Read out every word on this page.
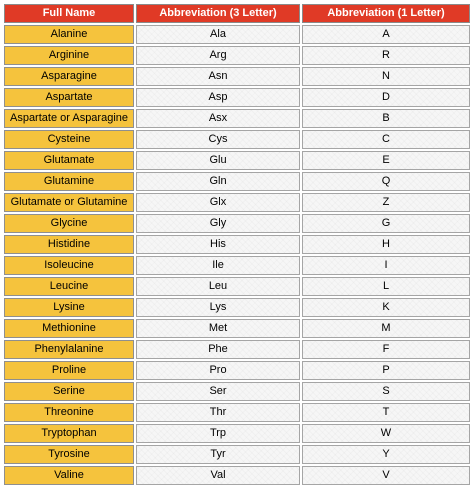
Full Name	Abbreviation (3 Letter)	Abbreviation (1 Letter)
Alanine	Ala	A
Arginine	Arg	R
Asparagine	Asn	N
Aspartate	Asp	D
Aspartate or Asparagine	Asx	B
Cysteine	Cys	C
Glutamate	Glu	E
Glutamine	Gln	Q
Glutamate or Glutamine	Glx	Z
Glycine	Gly	G
Histidine	His	H
Isoleucine	Ile	I
Leucine	Leu	L
Lysine	Lys	K
Methionine	Met	M
Phenylalanine	Phe	F
Proline	Pro	P
Serine	Ser	S
Threonine	Thr	T
Tryptophan	Trp	W
Tyrosine	Tyr	Y
Valine	Val	V
